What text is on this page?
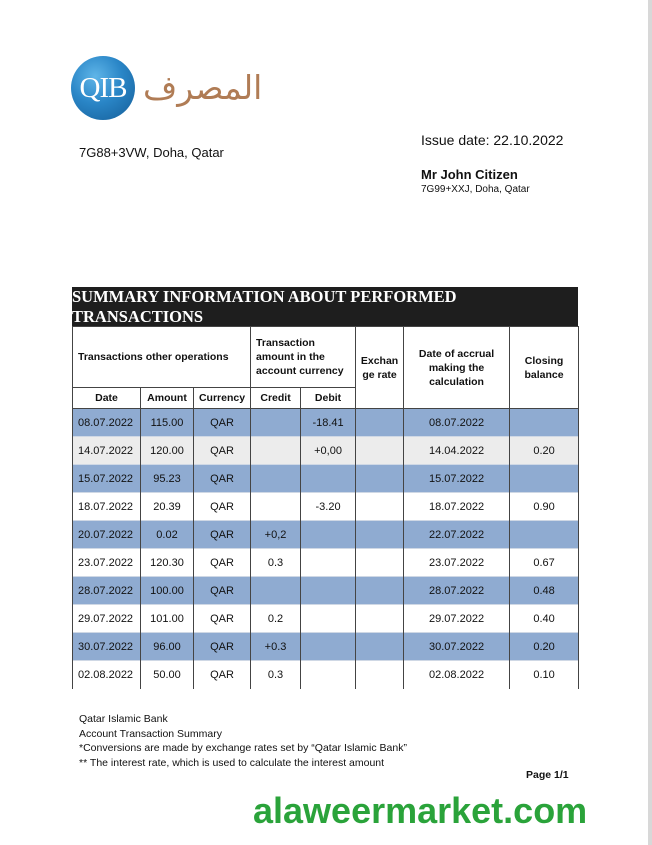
QIB المصرف
7G88+3VW, Doha, Qatar
Issue date: 22.10.2022
Mr John Citizen
7G99+XXJ, Doha, Qatar
SUMMARY INFORMATION ABOUT PERFORMED TRANSACTIONS
Transactions other operations			Transaction amount in the account currency		Exchan ge rate	Date of accrual making the calculation	Closing balance
Date	Amount	Currency	Credit	Debit			
08.07.2022	115.00	QAR		-18.41		08.07.2022	
14.07.2022	120.00	QAR		+0,00		14.04.2022	0.20
15.07.2022	95.23	QAR				15.07.2022	
18.07.2022	20.39	QAR		-3.20		18.07.2022	0.90
20.07.2022	0.02	QAR	+0,2			22.07.2022	
23.07.2022	120.30	QAR	0.3			23.07.2022	0.67
28.07.2022	100.00	QAR				28.07.2022	0.48
29.07.2022	101.00	QAR	0.2			29.07.2022	0.40
30.07.2022	96.00	QAR	+0.3			30.07.2022	0.20
02.08.2022	50.00	QAR	0.3			02.08.2022	0.10
Qatar Islamic Bank
Account Transaction Summary
*Conversions are made by exchange rates set by “Qatar Islamic Bank”
** The interest rate, which is used to calculate the interest amount
Page 1/1
alaweermarket.com
